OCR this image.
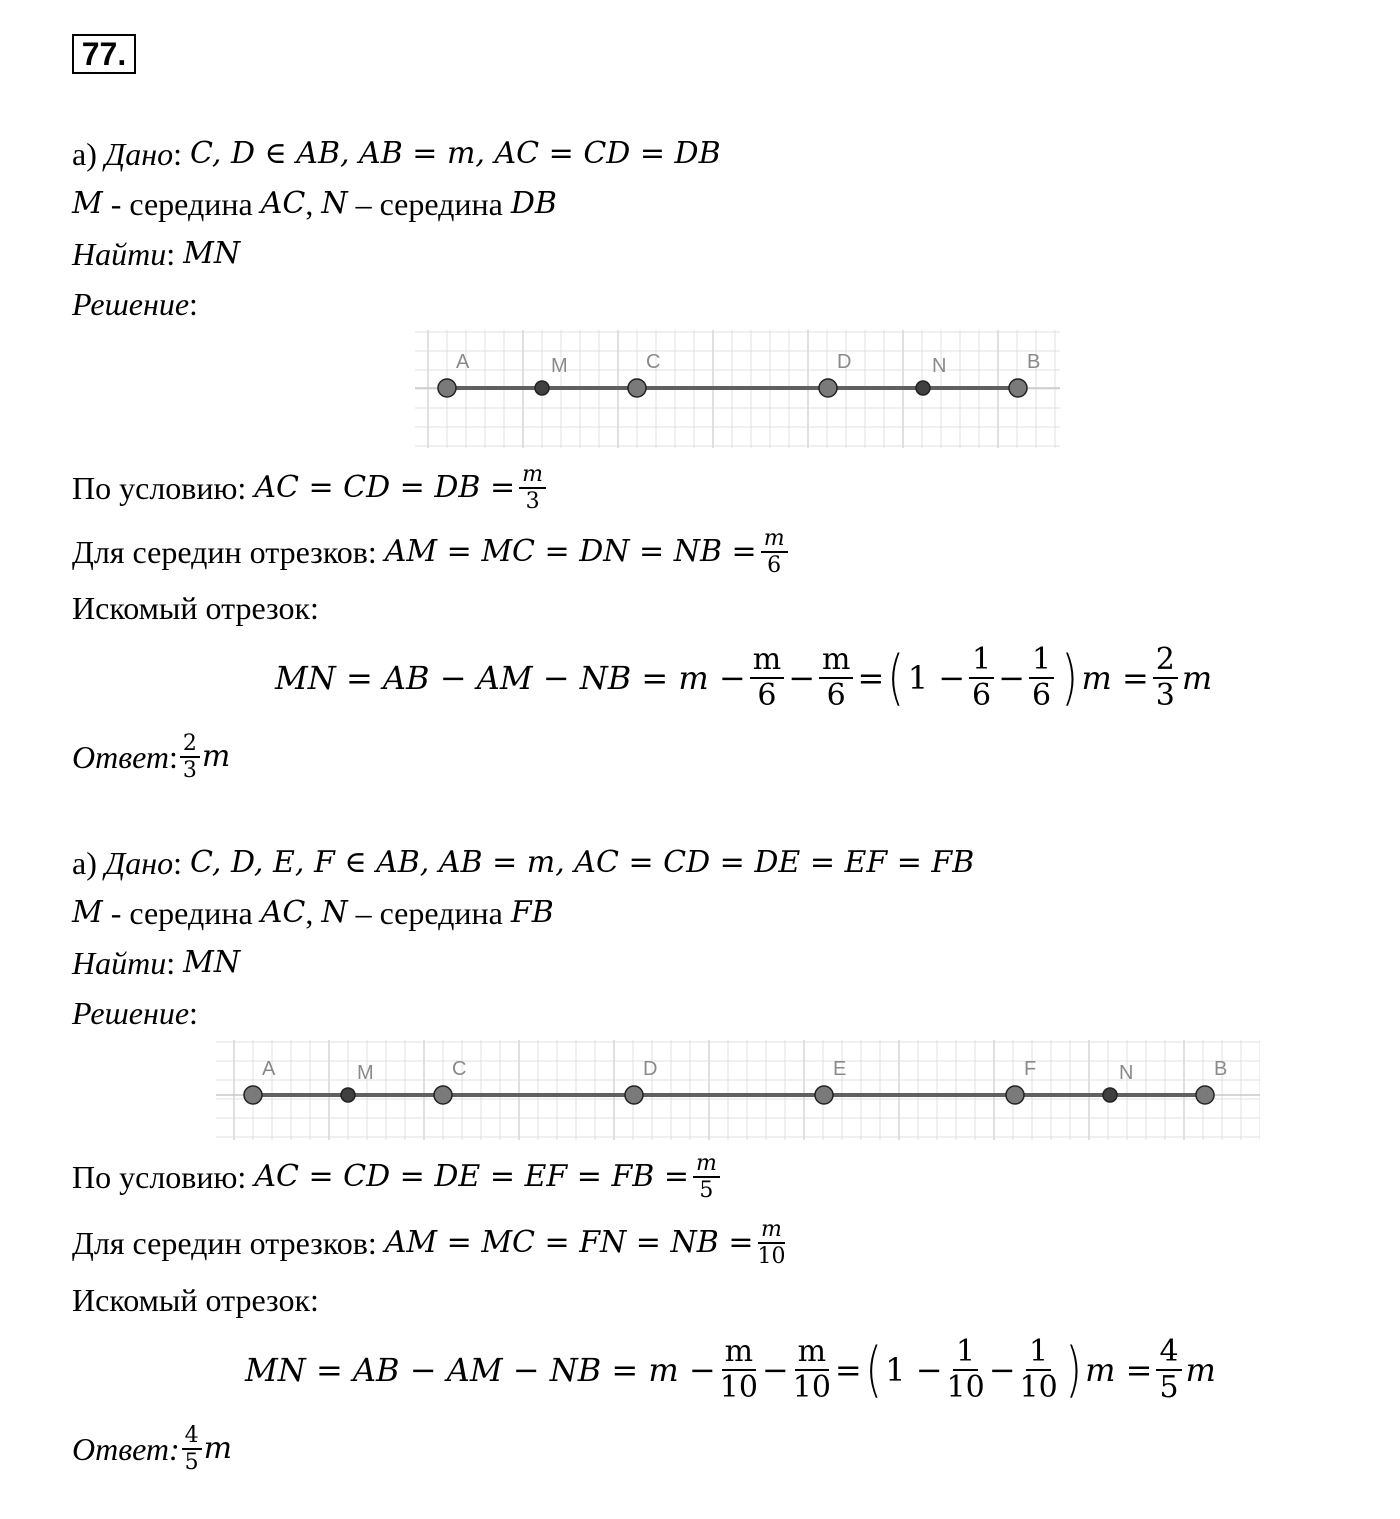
77.
а) Дано : C, D ∈ AB, AB = m, AC = CD = DB
M - середина AC , N – середина DB
Найти : MN
Решение :
A	M	C	D	N	B
По условию: AC = CD = DB = $\frac{m}{3}$
Для середин отрезков: AM = MC = DN = NB = $\frac{m}{6}$
Искомый отрезок:
MN = AB − AM − NB = $m - \frac{m}{6} - \frac{m}{6}$ = ( $1 - \frac{1}{6} - \frac{1}{6}$ ) $m = \frac{2}{3}$ m
Ответ : $\frac{2}{3}$ m
а) Дано : C, D, E, F ∈ AB, AB = m, AC = CD = DE = EF = FB
M - середина AC , N – середина FB
Найти : MN
Решение :
A	M	C	D	E	F	N	B
По условию: AC = CD = DE = EF = FB = $\frac{m}{5}$
Для середин отрезков: AM = MC = FN = NB = $\frac{m}{10}$
Искомый отрезок:
MN = AB − AM − NB = $m - \frac{m}{10} - \frac{m}{10}$ = ( $1 - \frac{1}{10} - \frac{1}{10}$ ) $m = \frac{4}{5}$ m
Ответ: $\frac{4}{5}$ m
